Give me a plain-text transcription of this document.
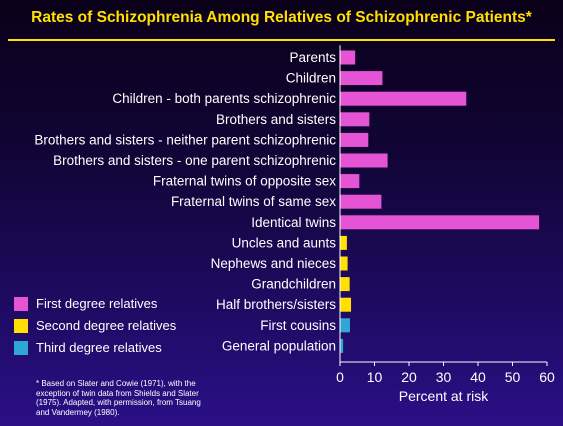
Rates of Schizophrenia Among Relatives of Schizophrenic Patients*
Parents
Children
Children - both parents schizophrenic
Brothers and sisters
Brothers and sisters - neither parent schizophrenic
Brothers and sisters - one parent schizophrenic
Fraternal twins of opposite sex
Fraternal twins of same sex
Identical twins
Uncles and aunts
Nephews and nieces
Grandchildren
Half brothers/sisters
First cousins
General population
0 10 20 30 40 50 60
Percent at risk
First degree relatives
Second degree relatives
Third degree relatives
* Based on Slater and Cowie (1971), with the exception of twin data from Shields and Slater (1975). Adapted, with permission, from Tsuang and Vandermey (1980).
